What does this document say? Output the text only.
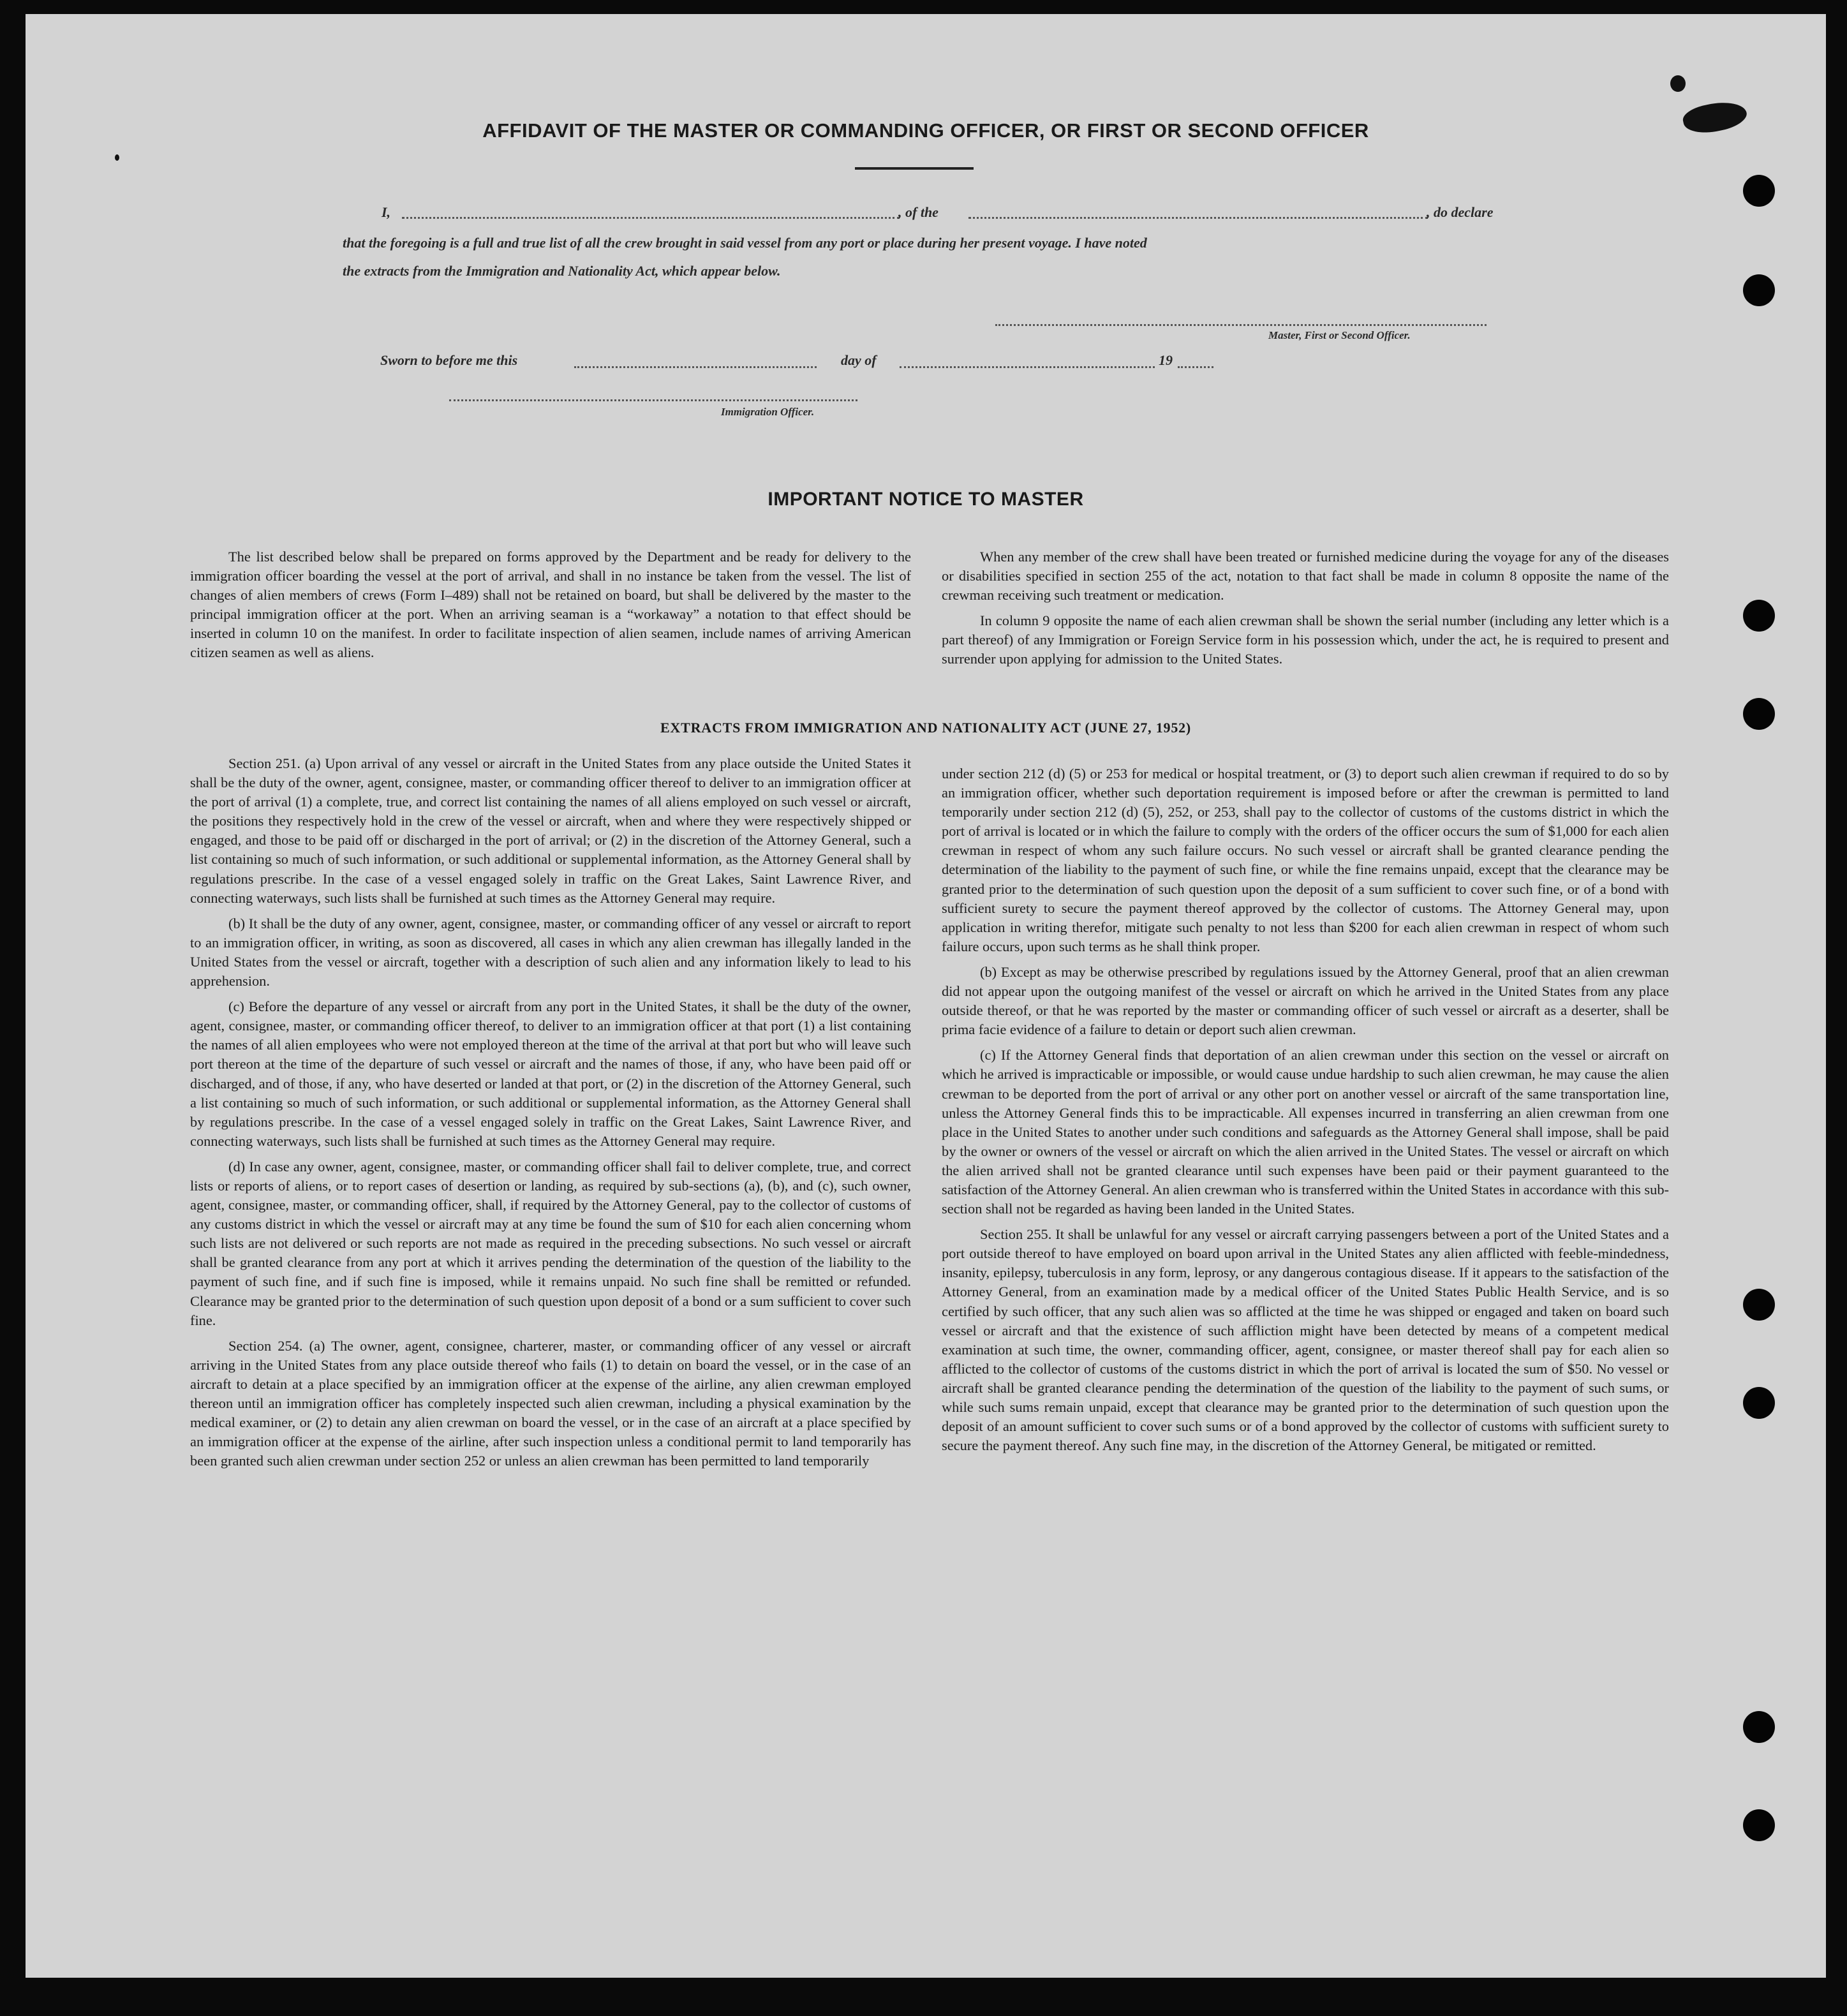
AFFIDAVIT OF THE MASTER OR COMMANDING OFFICER, OR FIRST OR SECOND OFFICER
I,	, of the	, do declare
that the foregoing is a full and true list of all the crew brought in said vessel from any port or place during her present voyage. I have noted
the extracts from the Immigration and Nationality Act, which appear below.
Master, First or Second Officer.
Sworn to before me this	day of	19
Immigration Officer.
IMPORTANT NOTICE TO MASTER

The list described below shall be prepared on forms approved by the Department and be ready for delivery to the immigration officer boarding the vessel at the port of arrival, and shall in no instance be taken from the vessel. The list of changes of alien members of crews (Form I–489) shall not be retained on board, but shall be delivered by the master to the principal immigration officer at the port. When an arriving seaman is a “workaway” a notation to that effect should be inserted in column 10 on the manifest. In order to facilitate inspection of alien seamen, include names of arriving American citizen seamen as well as aliens.

When any member of the crew shall have been treated or furnished medicine during the voyage for any of the diseases or disabilities specified in section 255 of the act, notation to that fact shall be made in column 8 opposite the name of the crewman receiving such treatment or medication.

In column 9 opposite the name of each alien crewman shall be shown the serial number (including any letter which is a part thereof) of any Immigration or Foreign Service form in his possession which, under the act, he is required to present and surrender upon applying for admission to the United States.

EXTRACTS FROM IMMIGRATION AND NATIONALITY ACT (JUNE 27, 1952)

Section 251. (a) Upon arrival of any vessel or aircraft in the United States from any place outside the United States it shall be the duty of the owner, agent, consignee, master, or commanding officer thereof to deliver to an immigration officer at the port of arrival (1) a complete, true, and correct list containing the names of all aliens employed on such vessel or aircraft, the positions they respectively hold in the crew of the vessel or aircraft, when and where they were respectively shipped or engaged, and those to be paid off or discharged in the port of arrival; or (2) in the discretion of the Attorney General, such a list containing so much of such information, or such additional or supplemental information, as the Attorney General shall by regulations prescribe. In the case of a vessel engaged solely in traffic on the Great Lakes, Saint Lawrence River, and connecting waterways, such lists shall be furnished at such times as the Attorney General may require.

(b) It shall be the duty of any owner, agent, consignee, master, or commanding officer of any vessel or aircraft to report to an immigration officer, in writing, as soon as discovered, all cases in which any alien crewman has illegally landed in the United States from the vessel or aircraft, together with a description of such alien and any information likely to lead to his apprehension.

(c) Before the departure of any vessel or aircraft from any port in the United States, it shall be the duty of the owner, agent, consignee, master, or commanding officer thereof, to deliver to an immigration officer at that port (1) a list containing the names of all alien employees who were not employed thereon at the time of the arrival at that port but who will leave such port thereon at the time of the departure of such vessel or aircraft and the names of those, if any, who have been paid off or discharged, and of those, if any, who have deserted or landed at that port, or (2) in the discretion of the Attorney General, such a list containing so much of such information, or such additional or supplemental information, as the Attorney General shall by regulations prescribe. In the case of a vessel engaged solely in traffic on the Great Lakes, Saint Lawrence River, and connecting waterways, such lists shall be furnished at such times as the Attorney General may require.

(d) In case any owner, agent, consignee, master, or commanding officer shall fail to deliver complete, true, and correct lists or reports of aliens, or to report cases of desertion or landing, as required by sub-sections (a), (b), and (c), such owner, agent, consignee, master, or commanding officer, shall, if required by the Attorney General, pay to the collector of customs of any customs district in which the vessel or aircraft may at any time be found the sum of $10 for each alien concerning whom such lists are not delivered or such reports are not made as required in the preceding subsections. No such vessel or aircraft shall be granted clearance from any port at which it arrives pending the determination of the question of the liability to the payment of such fine, and if such fine is imposed, while it remains unpaid. No such fine shall be remitted or refunded. Clearance may be granted prior to the determination of such question upon deposit of a bond or a sum sufficient to cover such fine.

Section 254. (a) The owner, agent, consignee, charterer, master, or commanding officer of any vessel or aircraft arriving in the United States from any place outside thereof who fails (1) to detain on board the vessel, or in the case of an aircraft to detain at a place specified by an immigration officer at the expense of the airline, any alien crewman employed thereon until an immigration officer has completely inspected such alien crewman, including a physical examination by the medical examiner, or (2) to detain any alien crewman on board the vessel, or in the case of an aircraft at a place specified by an immigration officer at the expense of the airline, after such inspection unless a conditional permit to land temporarily has been granted such alien crewman under section 252 or unless an alien crewman has been permitted to land temporarily

under section 212 (d) (5) or 253 for medical or hospital treatment, or (3) to deport such alien crewman if required to do so by an immigration officer, whether such deportation requirement is imposed before or after the crewman is permitted to land temporarily under section 212 (d) (5), 252, or 253, shall pay to the collector of customs of the customs district in which the port of arrival is located or in which the failure to comply with the orders of the officer occurs the sum of $1,000 for each alien crewman in respect of whom any such failure occurs. No such vessel or aircraft shall be granted clearance pending the determination of the liability to the payment of such fine, or while the fine remains unpaid, except that the clearance may be granted prior to the determination of such question upon the deposit of a sum sufficient to cover such fine, or of a bond with sufficient surety to secure the payment thereof approved by the collector of customs. The Attorney General may, upon application in writing therefor, mitigate such penalty to not less than $200 for each alien crewman in respect of whom such failure occurs, upon such terms as he shall think proper.

(b) Except as may be otherwise prescribed by regulations issued by the Attorney General, proof that an alien crewman did not appear upon the outgoing manifest of the vessel or aircraft on which he arrived in the United States from any place outside thereof, or that he was reported by the master or commanding officer of such vessel or aircraft as a deserter, shall be prima facie evidence of a failure to detain or deport such alien crewman.

(c) If the Attorney General finds that deportation of an alien crewman under this section on the vessel or aircraft on which he arrived is impracticable or impossible, or would cause undue hardship to such alien crewman, he may cause the alien crewman to be deported from the port of arrival or any other port on another vessel or aircraft of the same transportation line, unless the Attorney General finds this to be impracticable. All expenses incurred in transferring an alien crewman from one place in the United States to another under such conditions and safeguards as the Attorney General shall impose, shall be paid by the owner or owners of the vessel or aircraft on which the alien arrived in the United States. The vessel or aircraft on which the alien arrived shall not be granted clearance until such expenses have been paid or their payment guaranteed to the satisfaction of the Attorney General. An alien crewman who is transferred within the United States in accordance with this sub-section shall not be regarded as having been landed in the United States.

Section 255. It shall be unlawful for any vessel or aircraft carrying passengers between a port of the United States and a port outside thereof to have employed on board upon arrival in the United States any alien afflicted with feeble-mindedness, insanity, epilepsy, tuberculosis in any form, leprosy, or any dangerous contagious disease. If it appears to the satisfaction of the Attorney General, from an examination made by a medical officer of the United States Public Health Service, and is so certified by such officer, that any such alien was so afflicted at the time he was shipped or engaged and taken on board such vessel or aircraft and that the existence of such affliction might have been detected by means of a competent medical examination at such time, the owner, commanding officer, agent, consignee, or master thereof shall pay for each alien so afflicted to the collector of customs of the customs district in which the port of arrival is located the sum of $50. No vessel or aircraft shall be granted clearance pending the determination of the question of the liability to the payment of such sums, or while such sums remain unpaid, except that clearance may be granted prior to the determination of such question upon the deposit of an amount sufficient to cover such sums or of a bond approved by the collector of customs with sufficient surety to secure the payment thereof. Any such fine may, in the discretion of the Attorney General, be mitigated or remitted.
